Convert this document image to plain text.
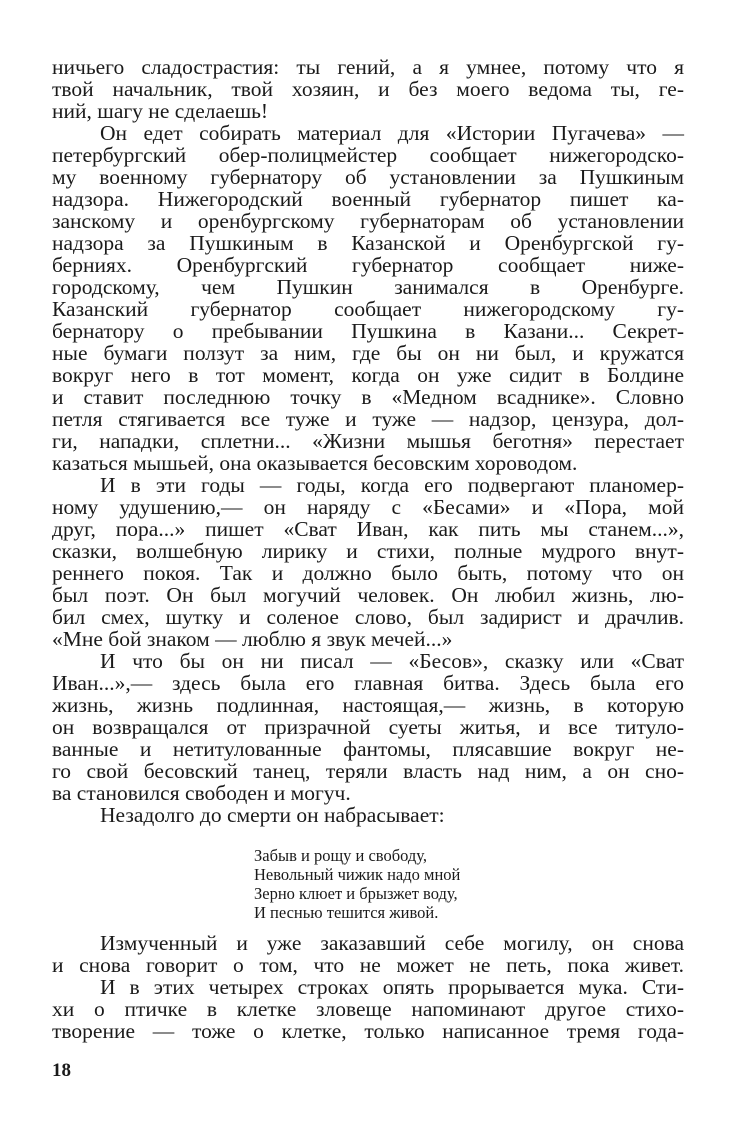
ничьего сладострастия: ты гений, а я умнее, потому что я
твой начальник, твой хозяин, и без моего ведома ты, ге-
ний, шагу не сделаешь!
Он едет собирать материал для «Истории Пугачева» —
петербургский обер-полицмейстер сообщает нижегородско-
му военному губернатору об установлении за Пушкиным
надзора. Нижегородский военный губернатор пишет ка-
занскому и оренбургскому губернаторам об установлении
надзора за Пушкиным в Казанской и Оренбургской гу-
берниях. Оренбургский губернатор сообщает ниже-
городскому, чем Пушкин занимался в Оренбурге.
Казанский губернатор сообщает нижегородскому гу-
бернатору о пребывании Пушкина в Казани... Секрет-
ные бумаги ползут за ним, где бы он ни был, и кружатся
вокруг него в тот момент, когда он уже сидит в Болдине
и ставит последнюю точку в «Медном всаднике». Словно
петля стягивается все туже и туже — надзор, цензура, дол-
ги, нападки, сплетни... «Жизни мышья беготня» перестает
казаться мышьей, она оказывается бесовским хороводом.
И в эти годы — годы, когда его подвергают планомер-
ному удушению,— он наряду с «Бесами» и «Пора, мой
друг, пора...» пишет «Сват Иван, как пить мы станем...»,
сказки, волшебную лирику и стихи, полные мудрого внут-
реннего покоя. Так и должно было быть, потому что он
был поэт. Он был могучий человек. Он любил жизнь, лю-
бил смех, шутку и соленое слово, был задирист и драчлив.
«Мне бой знаком — люблю я звук мечей...»
И что бы он ни писал — «Бесов», сказку или «Сват
Иван...»,— здесь была его главная битва. Здесь была его
жизнь, жизнь подлинная, настоящая,— жизнь, в которую
он возвращался от призрачной суеты житья, и все титуло-
ванные и нетитулованные фантомы, плясавшие вокруг не-
го свой бесовский танец, теряли власть над ним, а он сно-
ва становился свободен и могуч.
Незадолго до смерти он набрасывает:
Забыв и рощу и свободу,
Невольный чижик надо мной
Зерно клюет и брызжет воду,
И песнью тешится живой.
Измученный и уже заказавший себе могилу, он снова
и снова говорит о том, что не может не петь, пока живет.
И в этих четырех строках опять прорывается мука. Сти-
хи о птичке в клетке зловеще напоминают другое стихо-
творение — тоже о клетке, только написанное тремя года-
18
